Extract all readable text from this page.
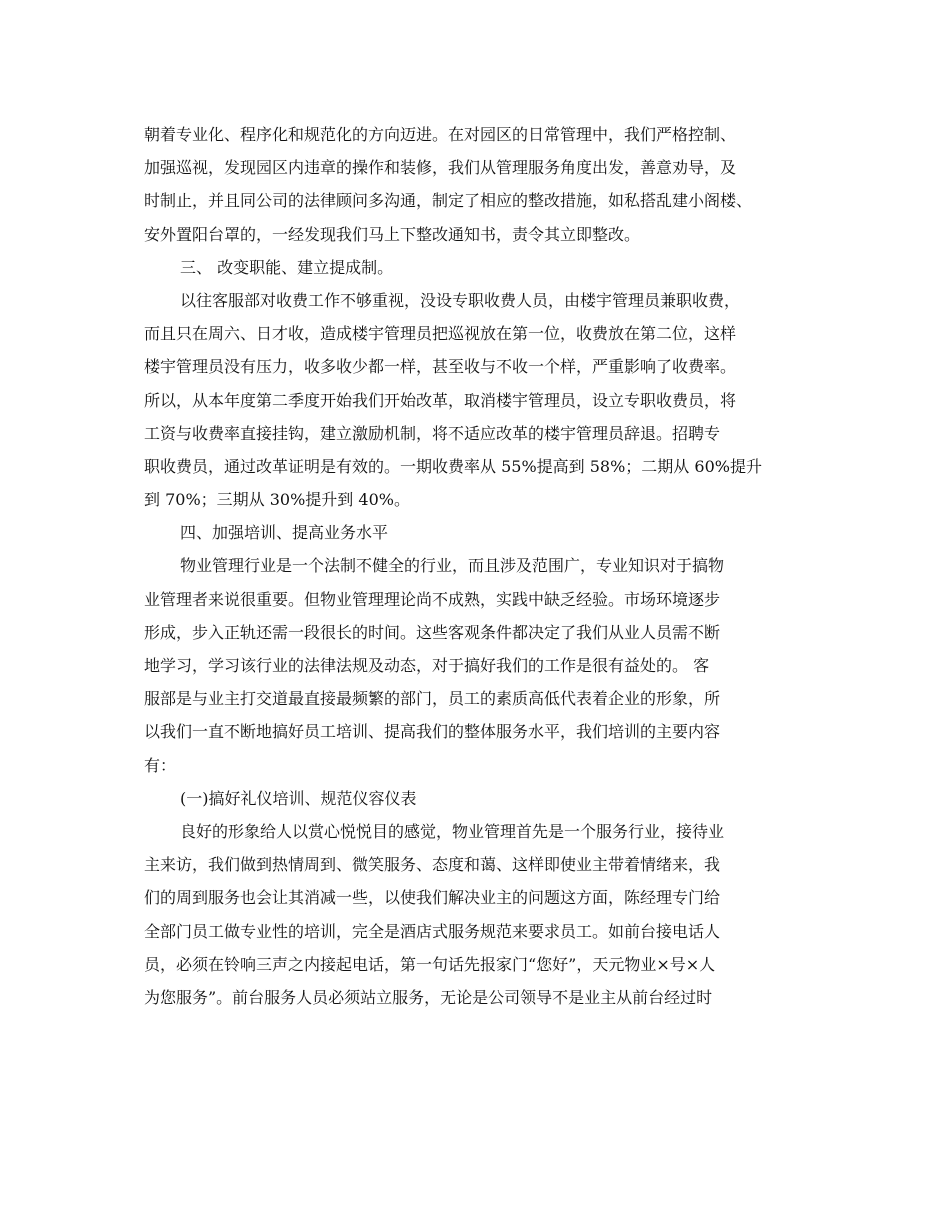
朝着专业化、程序化和规范化的方向迈进。在对园区的日常管理中，我们严格控制、
加强巡视，发现园区内违章的操作和装修，我们从管理服务角度出发，善意劝导，及
时制止，并且同公司的法律顾问多沟通，制定了相应的整改措施，如私搭乱建小阁楼、
安外置阳台罩的，一经发现我们马上下整改通知书，责令其立即整改。
三、 改变职能、建立提成制。
以往客服部对收费工作不够重视，没设专职收费人员，由楼宇管理员兼职收费，
而且只在周六、日才收，造成楼宇管理员把巡视放在第一位，收费放在第二位，这样
楼宇管理员没有压力，收多收少都一样，甚至收与不收一个样，严重影响了收费率。
所以，从本年度第二季度开始我们开始改革，取消楼宇管理员，设立专职收费员，将
工资与收费率直接挂钩，建立激励机制，将不适应改革的楼宇管理员辞退。招聘专
职收费员，通过改革证明是有效的。一期收费率从 55%提高到 58%；二期从 60%提升
到 70%；三期从 30%提升到 40%。
四、加强培训、提高业务水平
物业管理行业是一个法制不健全的行业，而且涉及范围广，专业知识对于搞物
业管理者来说很重要。但物业管理理论尚不成熟，实践中缺乏经验。市场环境逐步
形成，步入正轨还需一段很长的时间。这些客观条件都决定了我们从业人员需不断
地学习，学习该行业的法律法规及动态，对于搞好我们的工作是很有益处的。 客
服部是与业主打交道最直接最频繁的部门，员工的素质高低代表着企业的形象，所
以我们一直不断地搞好员工培训、提高我们的整体服务水平，我们培训的主要内容
有：
(一)搞好礼仪培训、规范仪容仪表
良好的形象给人以赏心悦悦目的感觉，物业管理首先是一个服务行业，接待业
主来访，我们做到热情周到、微笑服务、态度和蔼、这样即使业主带着情绪来，我
们的周到服务也会让其消减一些，以使我们解决业主的问题这方面，陈经理专门给
全部门员工做专业性的培训，完全是酒店式服务规范来要求员工。如前台接电话人
员，必须在铃响三声之内接起电话，第一句话先报家门“您好”，天元物业×号×人
为您服务”。前台服务人员必须站立服务，无论是公司领导不是业主从前台经过时
